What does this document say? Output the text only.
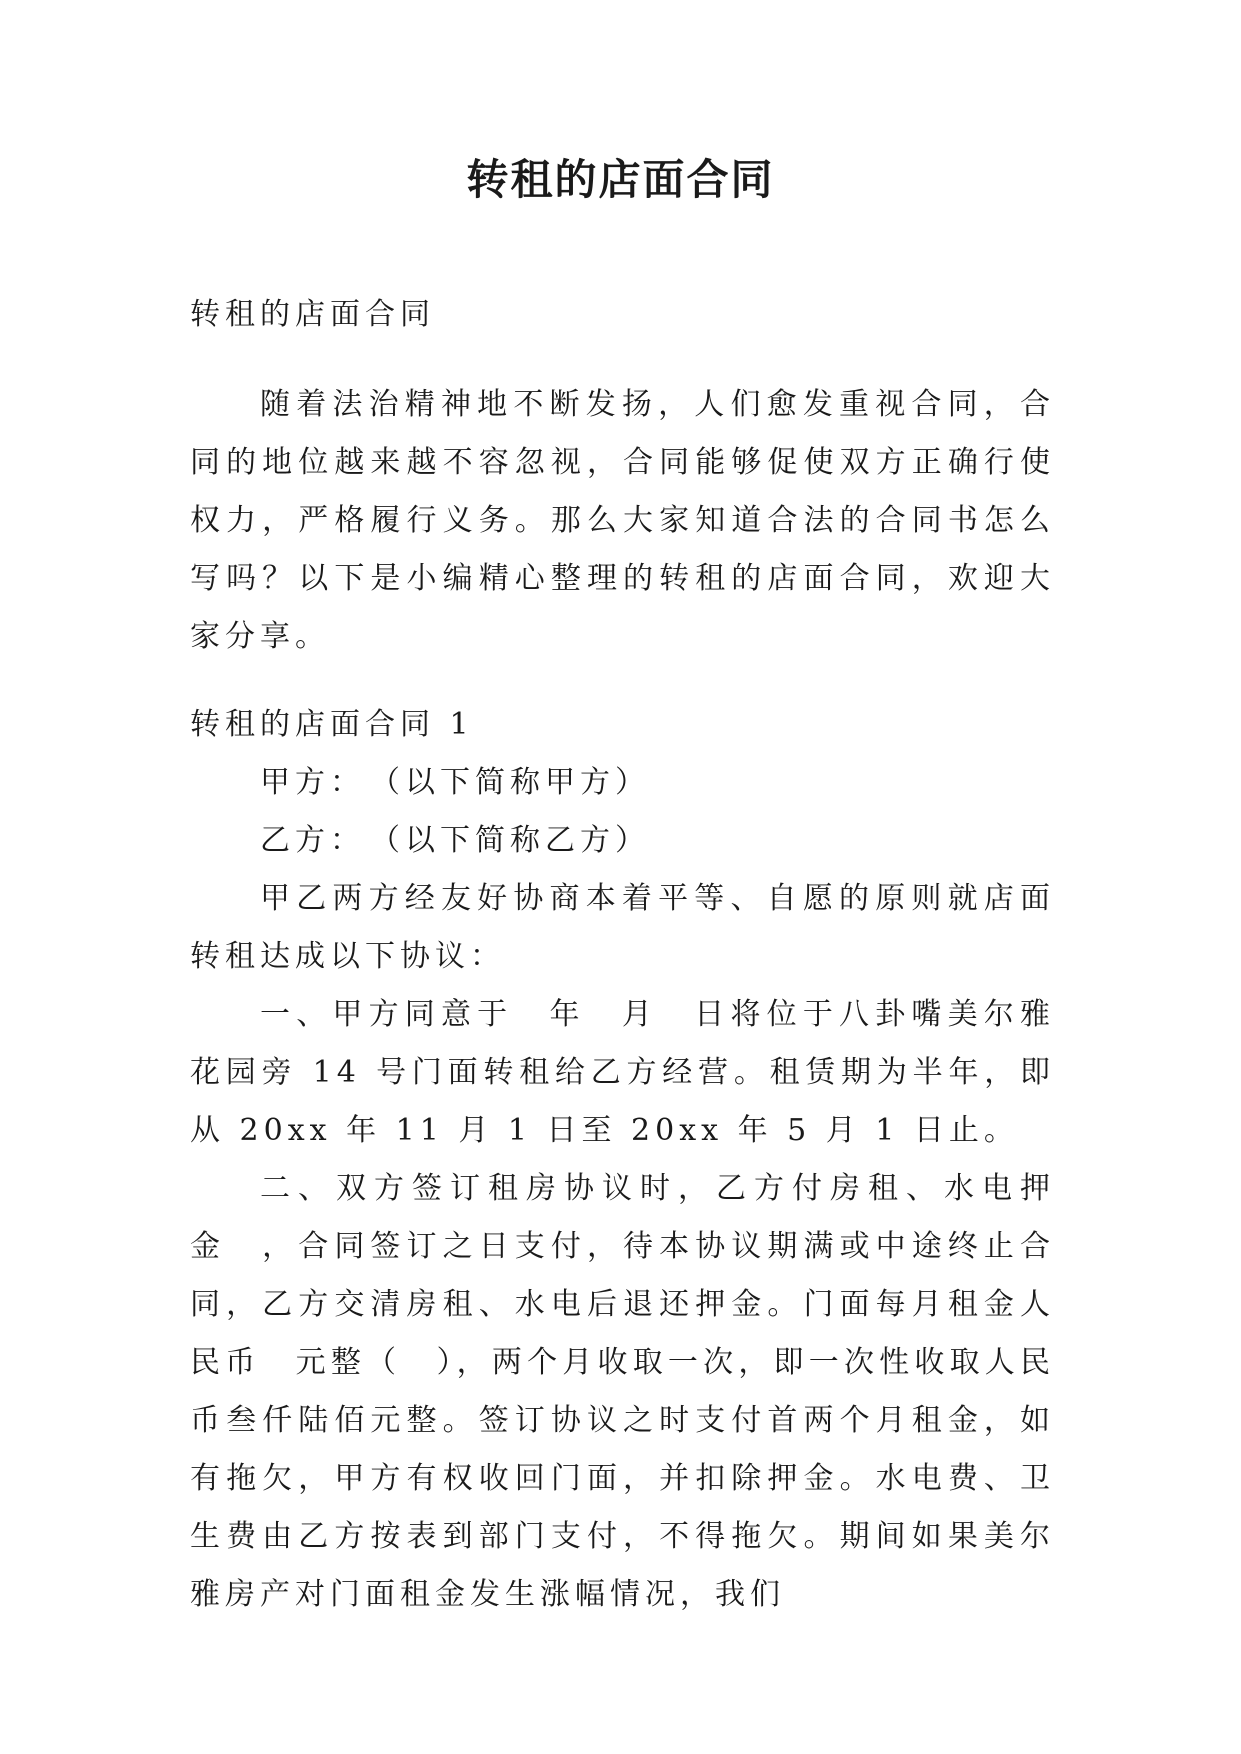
转租的店面合同

转租的店面合同

随着法治精神地不断发扬，人们愈发重视合同，合同的地位越来越不容忽视，合同能够促使双方正确行使权力，严格履行义务。那么大家知道合法的合同书怎么写吗？以下是小编精心整理的转租的店面合同，欢迎大家分享。

转租的店面合同 1

甲方：　（以下简称甲方）

乙方：　（以下简称乙方）

甲乙两方经友好协商本着平等、自愿的原则就店面转租达成以下协议：

一、甲方同意于　年　月　日将位于八卦嘴美尔雅花园旁 14 号门面转租给乙方经营。租赁期为半年，即从 20xx 年 11 月 1 日至 20xx 年 5 月 1 日止。

二、双方签订租房协议时，乙方付房租、水电押金　，合同签订之日支付，待本协议期满或中途终止合同，乙方交清房租、水电后退还押金。门面每月租金人民币　元整（　），两个月收取一次，即一次性收取人民币叁仟陆佰元整。签订协议之时支付首两个月租金，如有拖欠，甲方有权收回门面，并扣除押金。水电费、卫生费由乙方按表到部门支付，不得拖欠。期间如果美尔雅房产对门面租金发生涨幅情况，我们
